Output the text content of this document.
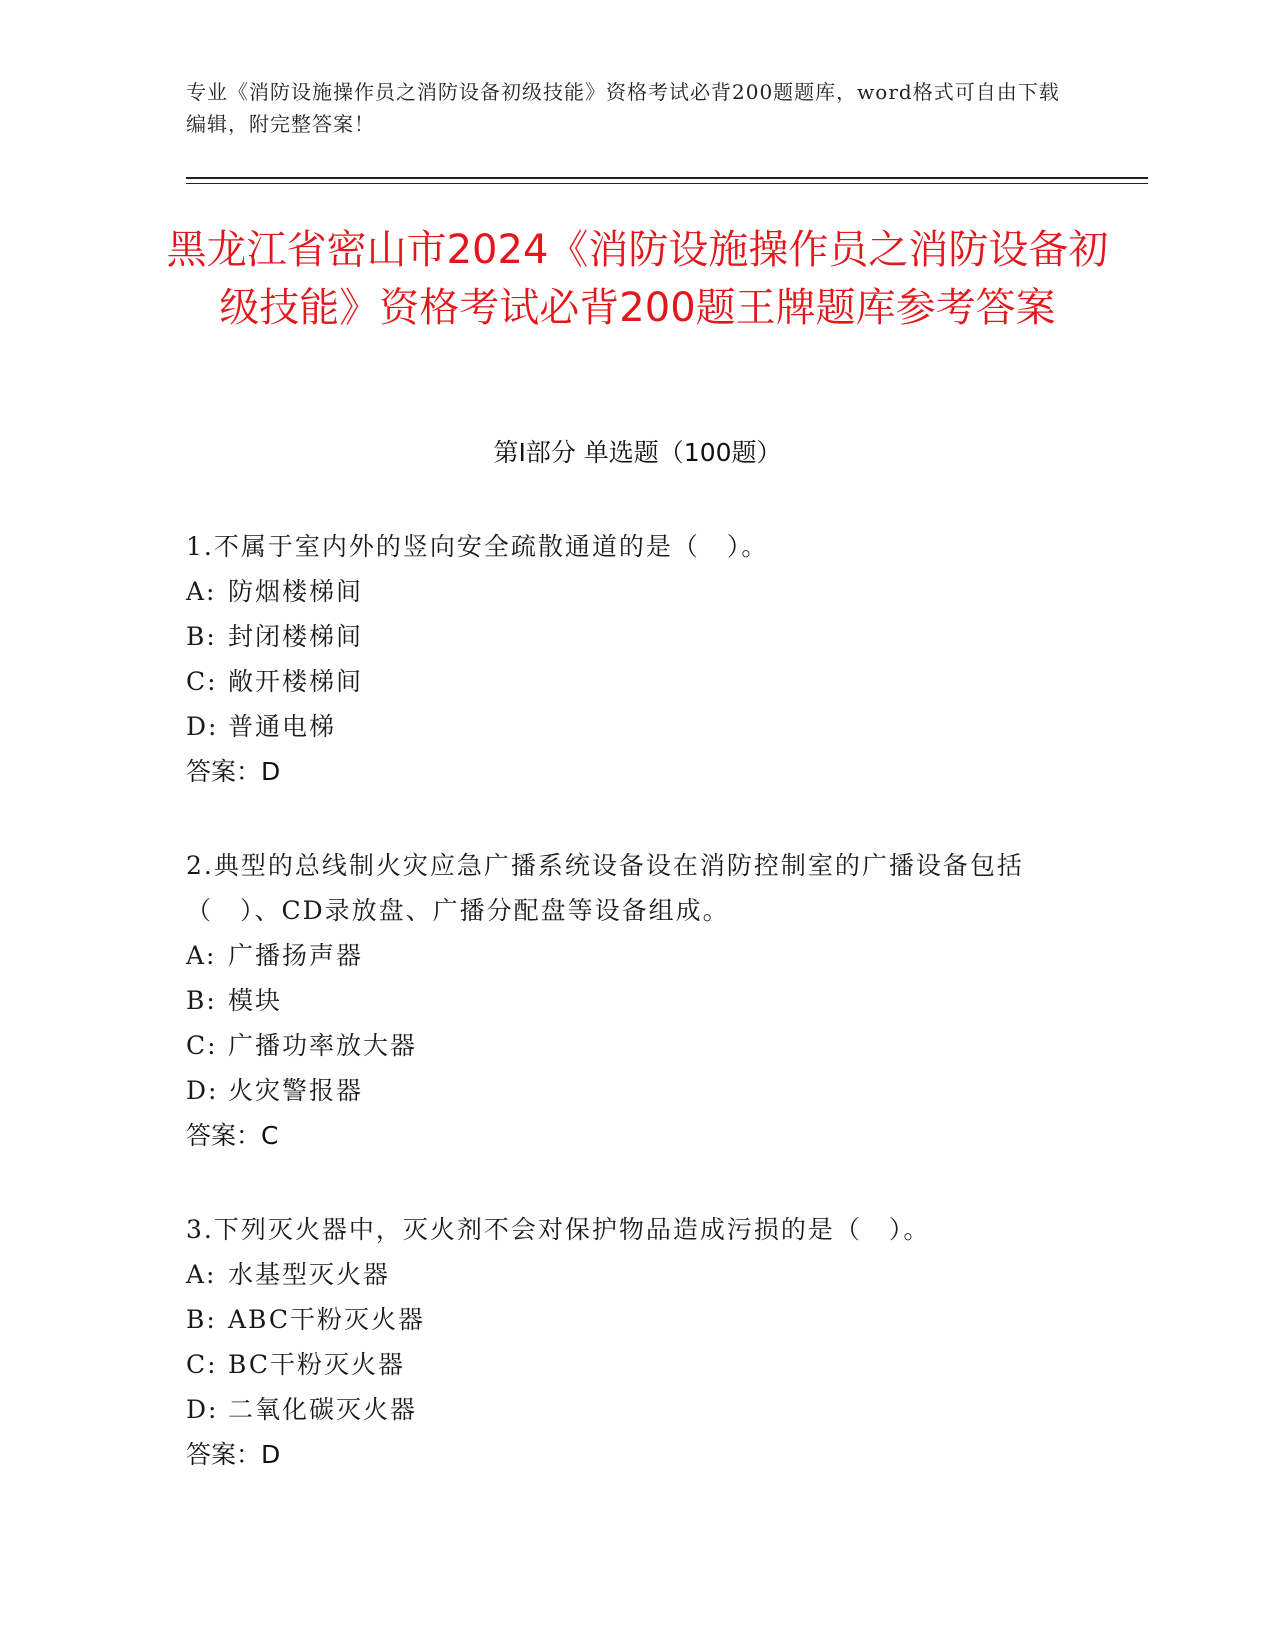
专业《消防设施操作员之消防设备初级技能》资格考试必背200题题库，word格式可自由下载编辑，附完整答案！
黑龙江省密山市2024《消防设施操作员之消防设备初级技能》资格考试必背200题王牌题库参考答案
第I部分 单选题（100题）
1.不属于室内外的竖向安全疏散通道的是（　）。
A: 防烟楼梯间
B: 封闭楼梯间
C: 敞开楼梯间
D: 普通电梯
答案：D
2.典型的总线制火灾应急广播系统设备设在消防控制室的广播设备包括（　）、CD录放盘、广播分配盘等设备组成。
A: 广播扬声器
B: 模块
C: 广播功率放大器
D: 火灾警报器
答案：C
3.下列灭火器中，灭火剂不会对保护物品造成污损的是（　）。
A: 水基型灭火器
B: ABC干粉灭火器
C: BC干粉灭火器
D: 二氧化碳灭火器
答案：D
